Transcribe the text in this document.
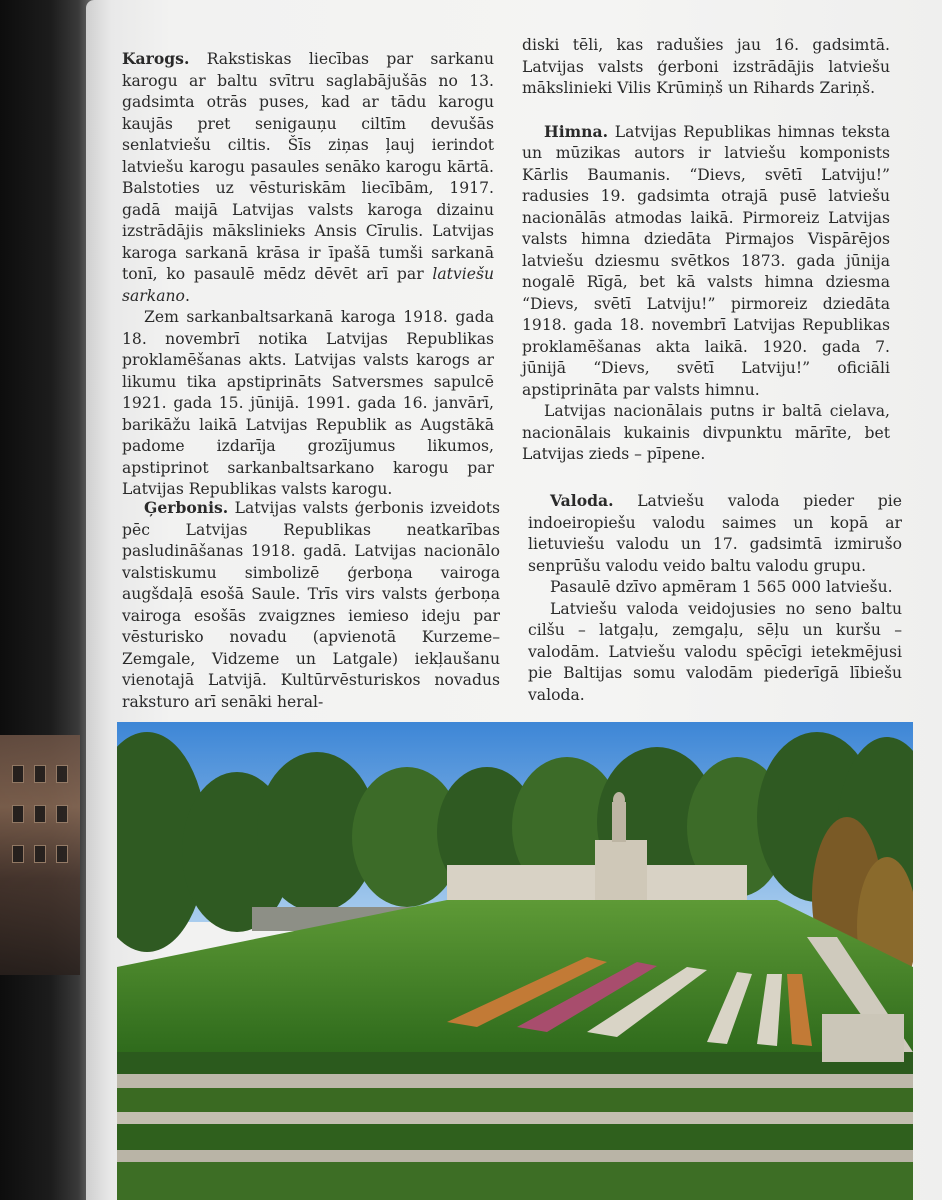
Karogs. Rakstiskas liecības par sarkanu karogu ar baltu svītru saglabājušās no 13. gadsimta otrās puses, kad ar tādu karogu kaujās pret senigauņu ciltīm devušās senlatviešu ciltis. Šīs ziņas ļauj ierindot latviešu karogu pasaules senāko karogu kārtā. Balstoties uz vēsturiskām liecībām, 1917. gadā maijā Latvijas valsts karoga dizainu izstrādājis mākslinieks Ansis Cīrulis. Latvijas karoga sarkanā krāsa ir īpašā tumši sarkanā tonī, ko pasaulē mēdz dēvēt arī par latviešu sarkano.

Zem sarkanbaltsarkanā karoga 1918. gada 18. novembrī notika Latvijas Republikas proklamēšanas akts. Latvijas valsts karogs ar likumu tika apstiprināts Satversmes sapulcē 1921. gada 15. jūnijā. 1991. gada 16. janvārī, barikāžu laikā Latvijas Republik as Augstākā padome izdarīja grozījumus likumos, apstiprinot sarkanbaltsarkano karogu par Latvijas Republikas valsts karogu.

diski tēli, kas radušies jau 16. gadsimtā. Latvijas valsts ģerboni izstrādājis latviešu mākslinieki Vilis Krūmiņš un Rihards Zariņš.

Himna. Latvijas Republikas himnas teksta un mūzikas autors ir latviešu komponists Kārlis Baumanis. “Dievs, svētī Latviju!” radusies 19. gadsimta otrajā pusē latviešu nacionālās atmodas laikā. Pirmoreiz Latvijas valsts himna dziedāta Pirmajos Vispārējos latviešu dziesmu svētkos 1873. gada jūnija nogalē Rīgā, bet kā valsts himna dziesma “Dievs, svētī Latviju!” pirmoreiz dziedāta 1918. gada 18. novembrī Latvijas Republikas proklamēšanas akta laikā. 1920. gada 7. jūnijā “Dievs, svētī Latviju!” oficiāli apstiprināta par valsts himnu.

Latvijas nacionālais putns ir baltā cielava, nacionālais kukainis divpunktu mārīte, bet Latvijas zieds – pīpene.

Ģerbonis. Latvijas valsts ģerbonis izveidots pēc Latvijas Republikas neatkarības pasludināšanas 1918. gadā. Latvijas nacionālo valstiskumu simbolizē ģerboņa vairoga augšdaļā esošā Saule. Trīs virs valsts ģerboņa vairoga esošās zvaigznes iemieso ideju par vēsturisko novadu (apvienotā Kurzeme–Zemgale, Vidzeme un Latgale) iekļaušanu vienotajā Latvijā. Kultūrvēsturiskos novadus raksturo arī senāki heral-

Valoda. Latviešu valoda pieder pie indoeiropiešu valodu saimes un kopā ar lietuviešu valodu un 17. gadsimtā izmirušo senprūšu valodu veido baltu valodu grupu.

Pasaulē dzīvo apmēram 1 565 000 latviešu.

Latviešu valoda veidojusies no seno baltu cilšu – latgaļu, zemgaļu, sēļu un kuršu – valodām. Latviešu valodu spēcīgi ietekmējusi pie Baltijas somu valodām piederīgā lībiešu valoda.
